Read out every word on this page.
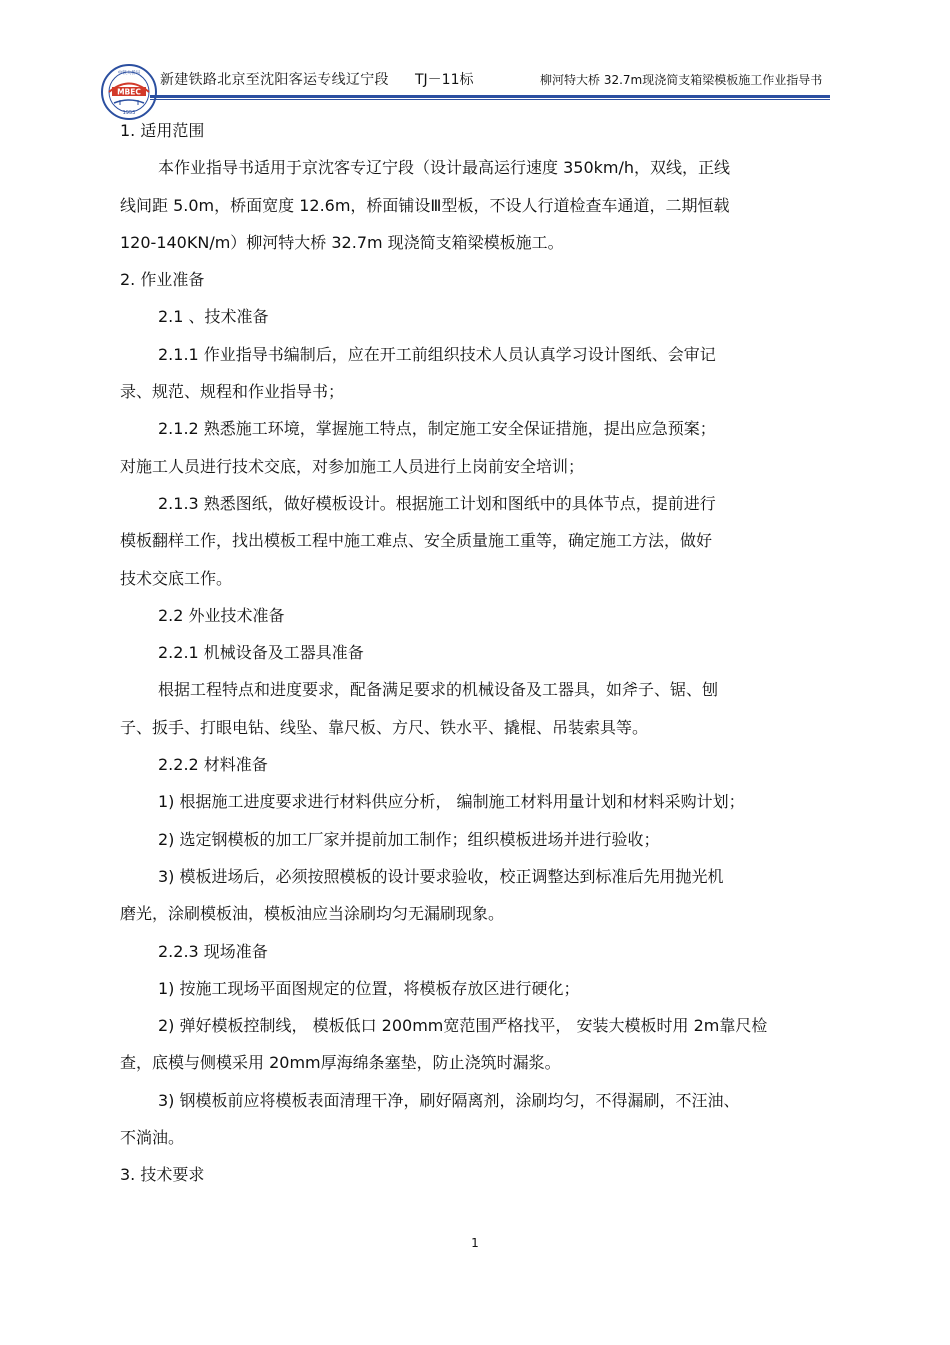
MBEC
1953
中铁大桥局 新建铁路北京至沈阳客运专线辽宁段 TJ－11标	柳河特大桥 32.7m现浇简支箱梁模板施工作业指导书

1. 适用范围

本作业指导书适用于京沈客专辽宁段（设计最高运行速度 350km/h，双线，正线

线间距 5.0m，桥面宽度 12.6m，桥面铺设Ⅲ型板，不设人行道检查车通道，二期恒载

120-140KN/m）柳河特大桥 32.7m 现浇简支箱梁模板施工。

2. 作业准备

2.1 、技术准备

2.1.1 作业指导书编制后，应在开工前组织技术人员认真学习设计图纸、会审记

录、规范、规程和作业指导书；

2.1.2 熟悉施工环境，掌握施工特点，制定施工安全保证措施，提出应急预案；

对施工人员进行技术交底，对参加施工人员进行上岗前安全培训；

2.1.3 熟悉图纸，做好模板设计。根据施工计划和图纸中的具体节点，提前进行

模板翻样工作，找出模板工程中施工难点、安全质量施工重等，确定施工方法，做好

技术交底工作。

2.2 外业技术准备

2.2.1 机械设备及工器具准备

根据工程特点和进度要求，配备满足要求的机械设备及工器具，如斧子、锯、刨

子、扳手、打眼电钻、线坠、靠尺板、方尺、铁水平、撬棍、吊装索具等。

2.2.2 材料准备

1) 根据施工进度要求进行材料供应分析， 编制施工材料用量计划和材料采购计划；

2) 选定钢模板的加工厂家并提前加工制作；组织模板进场并进行验收；

3) 模板进场后，必须按照模板的设计要求验收，校正调整达到标准后先用抛光机

磨光，涂刷模板油，模板油应当涂刷均匀无漏刷现象。

2.2.3 现场准备

1) 按施工现场平面图规定的位置，将模板存放区进行硬化；

2) 弹好模板控制线， 模板低口 200mm宽范围严格找平， 安装大模板时用 2m靠尺检

查，底模与侧模采用 20mm厚海绵条塞垫，防止浇筑时漏浆。

3) 钢模板前应将模板表面清理干净，刷好隔离剂，涂刷均匀，不得漏刷，不汪油、

不淌油。

3. 技术要求

1
